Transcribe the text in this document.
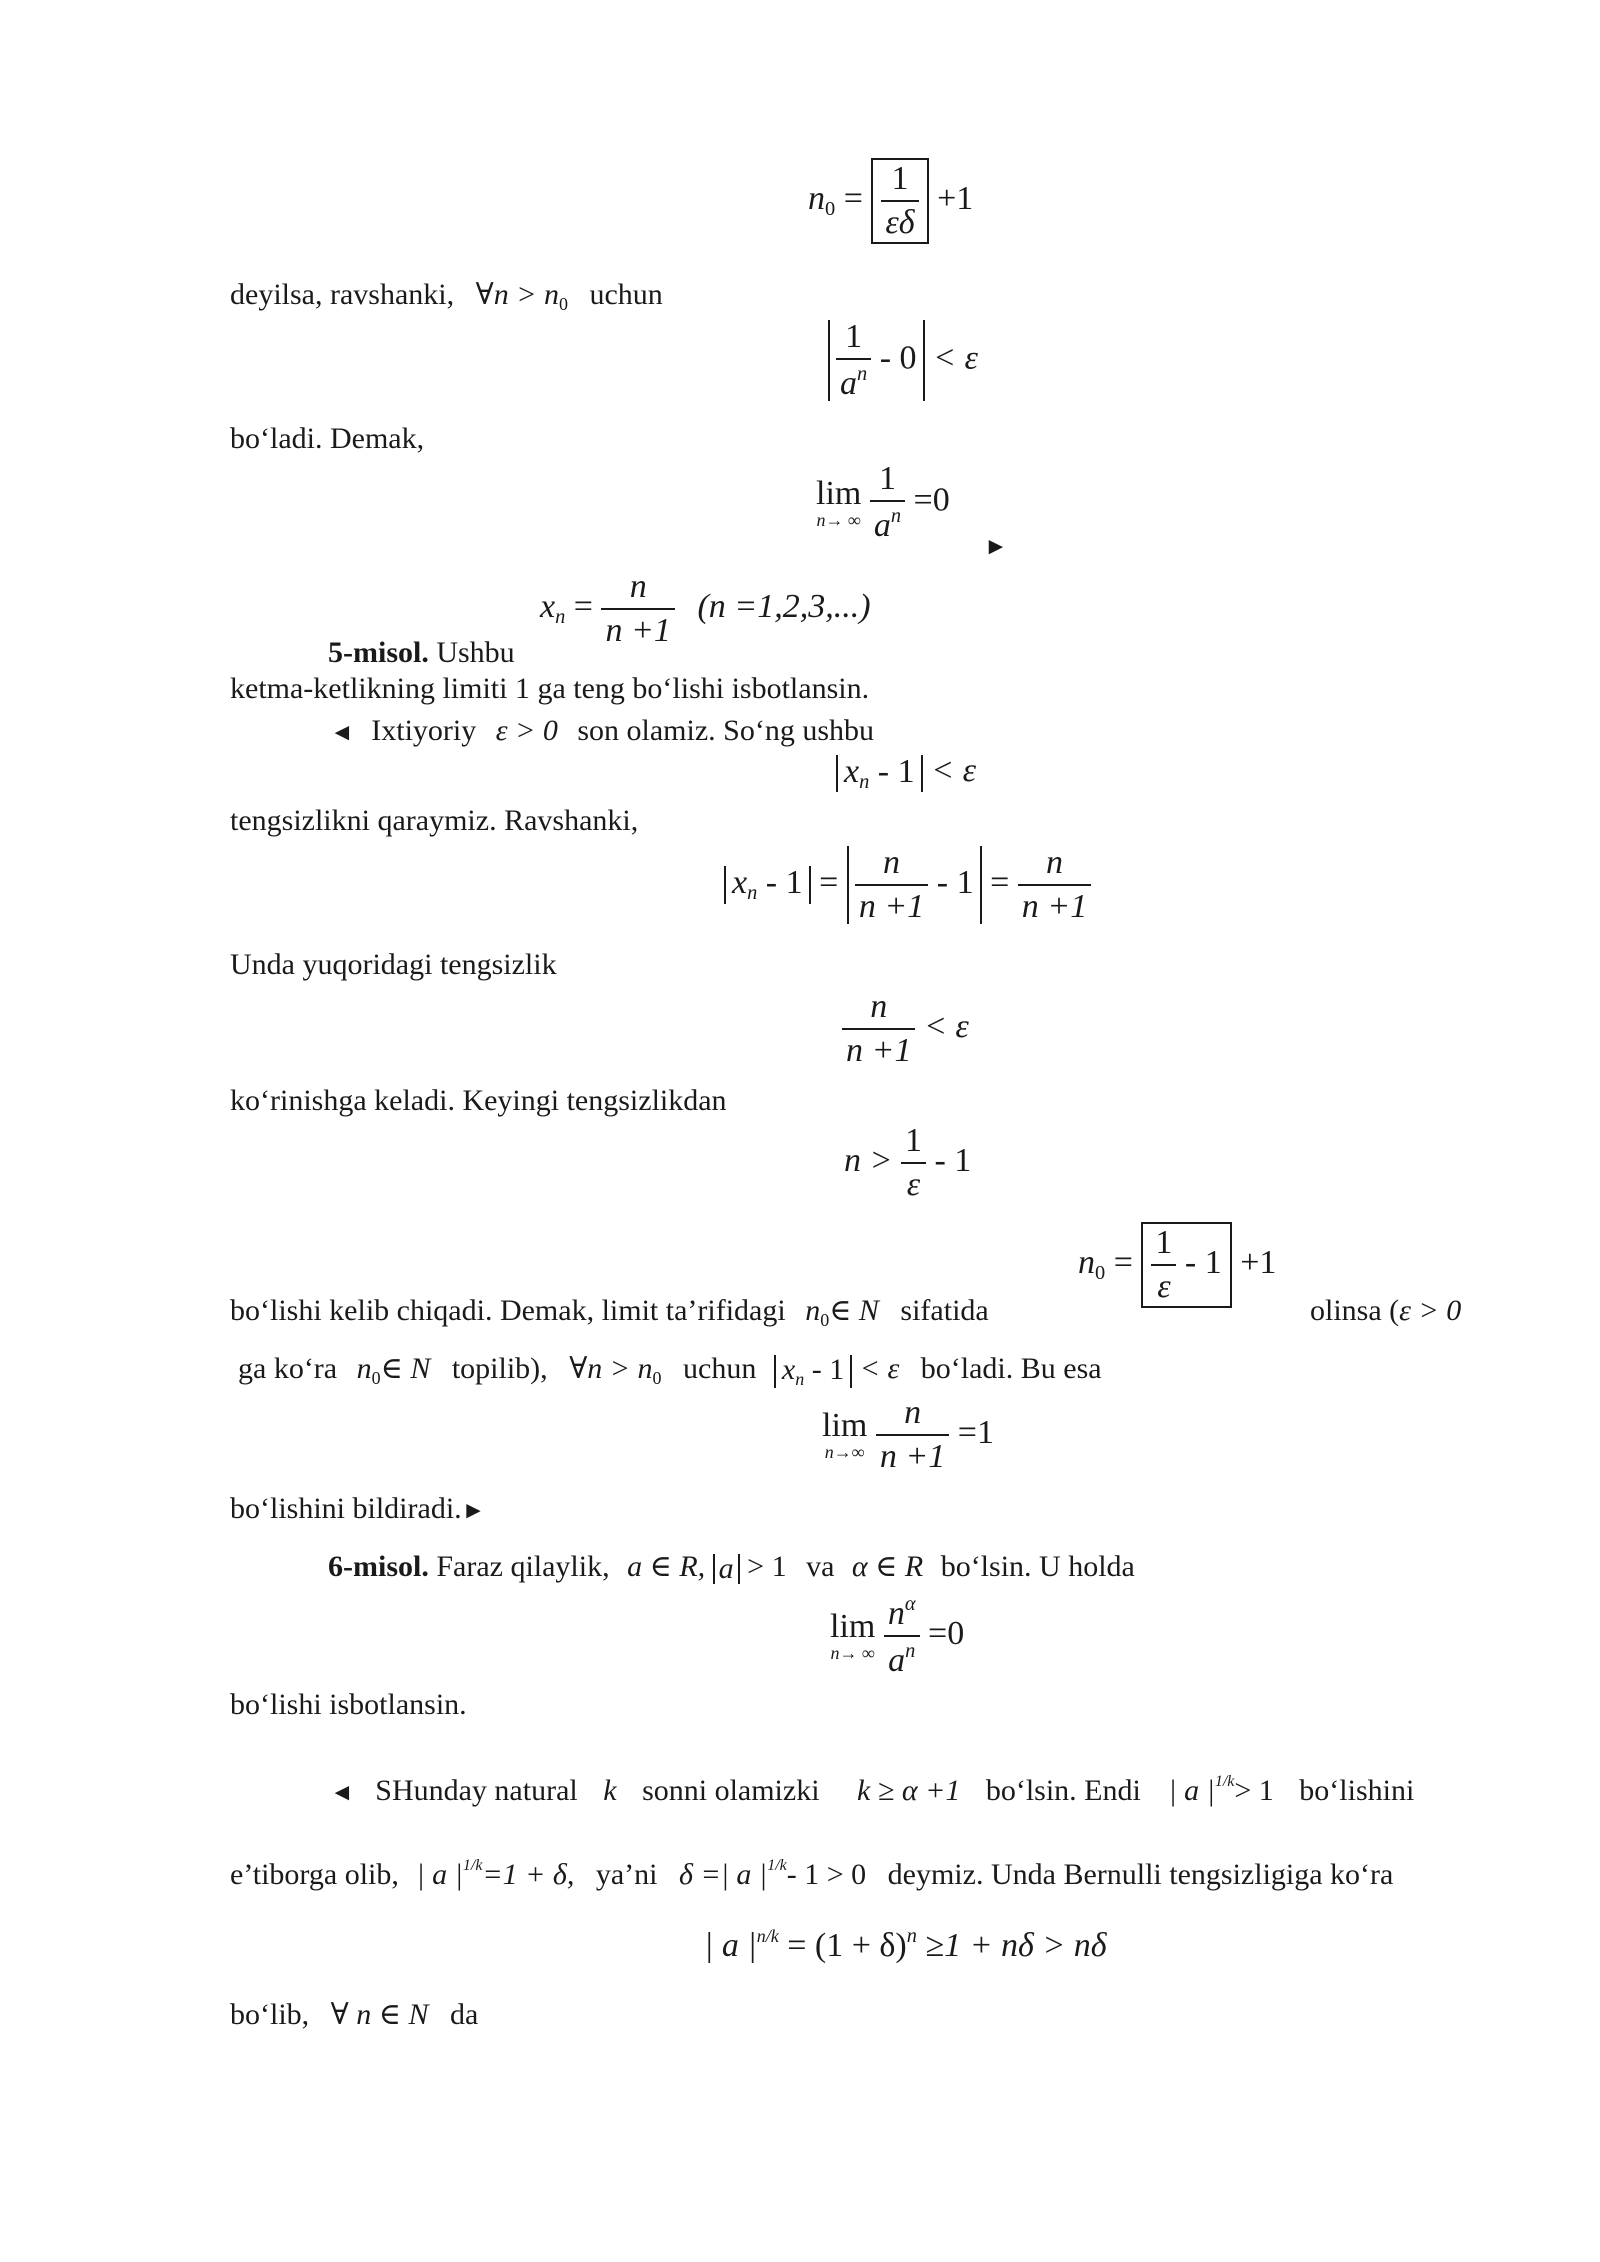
$n_0 = \frac{1}{\varepsilon\delta} +1$
deyilsa, ravshanki, ∀n > $n_0$ uchun
$\frac{1}{a^n} - 0 < \varepsilon$
bo‘ladi. Demak,
lim
n→ ∞
$\frac{1}{a^n} =0$
►
$x_n = \frac{n}{n +1} (n =1,2,3,...)$
5-misol. Ushbu
ketma-ketlikning limiti 1 ga teng bo‘lishi isbotlansin.
◄ Ixtiyoriy ε > 0 son olamiz. So‘ng ushbu
$x_n - 1 < \varepsilon$
tengsizlikni qaraymiz. Ravshanki,
$x_n - 1 = \frac{n}{n +1} - 1 = \frac{n}{n +1}$
Unda yuqoridagi tengsizlik
$\frac{n}{n +1} < \varepsilon$
ko‘rinishga keladi. Keyingi tengsizlikdan
$n > \frac{1}{\varepsilon} - 1$
$n_0 = \frac{1}{\varepsilon} - 1 +1$
bo‘lishi kelib chiqadi. Demak, limit ta’rifidagi $n_0\in$ N sifatida	olinsa (ε > 0
ga ko‘ra $n_0\in$ N topilib), ∀n > $n_0$ uchun $x_n - 1 < \varepsilon$ bo‘ladi. Bu esa
lim
n→∞
$\frac{n}{n +1} =1$
bo‘lishini bildiradi.►
6-misol. Faraz qilaylik, a ∈ R, a > 1 va α ∈ R bo‘lsin. U holda
lim
n→ ∞
$\frac{n^\alpha}{a^n} =0$
bo‘lishi isbotlansin.
◄ SHunday natural k sonni olamizki k ≥ α +1 bo‘lsin. Endi | a $|^{1/k}> 1$ bo‘lishini
e’tiborga olib, | a $|^{1/k}=1 + \delta$, ya’ni δ =| a $|^{1/k}-$ 1 > 0 deymiz. Unda Bernulli tengsizligiga ko‘ra
| a $|^{n/k} = (1 + \delta)^n \ge 1 + n\delta > n\delta$
bo‘lib, ∀ n ∈ N da
